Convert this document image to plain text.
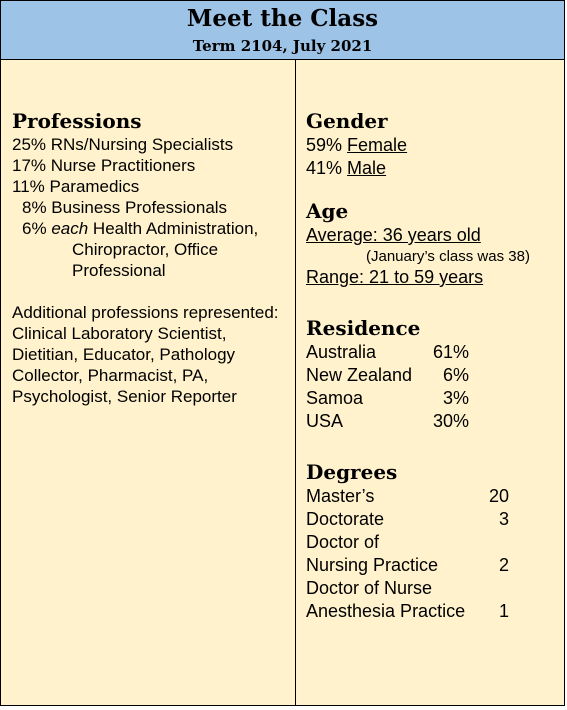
Meet the Class
Term 2104, July 2021
Professions
25% RNs/Nursing Specialists
17% Nurse Practitioners
11% Paramedics
8% Business Professionals
6% each Health Administration,
Chiropractor, Office
Professional
Additional professions represented: Clinical Laboratory Scientist, Dietitian, Educator, Pathology Collector, Pharmacist, PA, Psychologist, Senior Reporter
Gender
59% Female
41% Male
Age
Average: 36 years old
(January’s class was 38)
Range: 21 to 59 years
Residence
Australia	61%
New Zealand	6%
Samoa	3%
USA	30%
Degrees
Master’s	20
Doctorate	3
Doctor of
Nursing Practice	2
Doctor of Nurse
Anesthesia Practice	1
